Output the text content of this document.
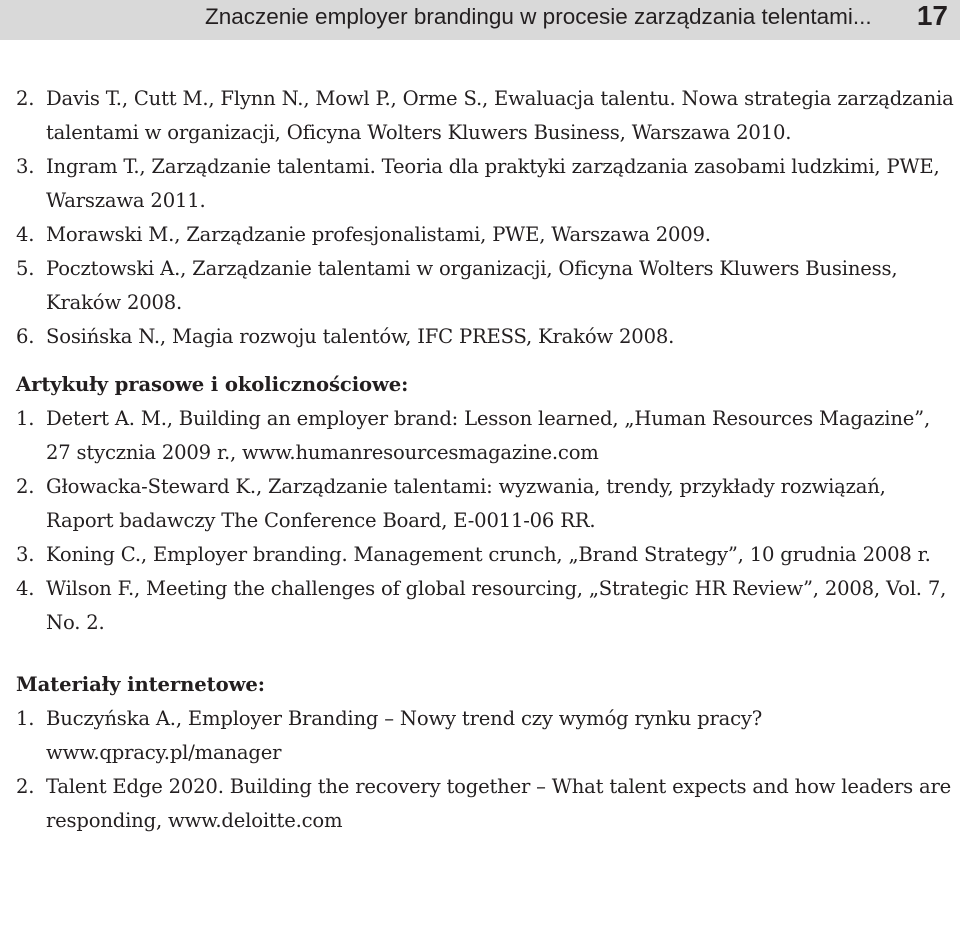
Znaczenie employer brandingu w procesie zarządzania telentami...	17
2. Davis T., Cutt M., Flynn N., Mowl P., Orme S., Ewaluacja talentu. Nowa strategia zarządzania talentami w organizacji, Oficyna Wolters Kluwers Business, Warszawa 2010.
3. Ingram T., Zarządzanie talentami. Teoria dla praktyki zarządzania zasobami ludzkimi, PWE, Warszawa 2011.
4. Morawski M., Zarządzanie profesjonalistami, PWE, Warszawa 2009.
5. Pocztowski A., Zarządzanie talentami w organizacji, Oficyna Wolters Kluwers Business, Kraków 2008.
6. Sosińska N., Magia rozwoju talentów, IFC PRESS, Kraków 2008.
Artykuły prasowe i okolicznościowe:
1. Detert A. M., Building an employer brand: Lesson learned, „Human Resources Magazine”, 27 stycznia 2009 r., www.humanresourcesmagazine.com
2. Głowacka-Steward K., Zarządzanie talentami: wyzwania, trendy, przykłady rozwiązań, Raport badawczy The Conference Board, E-0011-06 RR.
3. Koning C., Employer branding. Management crunch, „Brand Strategy”, 10 grudnia 2008 r.
4. Wilson F., Meeting the challenges of global resourcing, „Strategic HR Review”, 2008, Vol. 7, No. 2.
Materiały internetowe:
1. Buczyńska A., Employer Branding – Nowy trend czy wymóg rynku pracy? www.qpracy.pl/manager
2. Talent Edge 2020. Building the recovery together – What talent expects and how leaders are responding, www.deloitte.com
